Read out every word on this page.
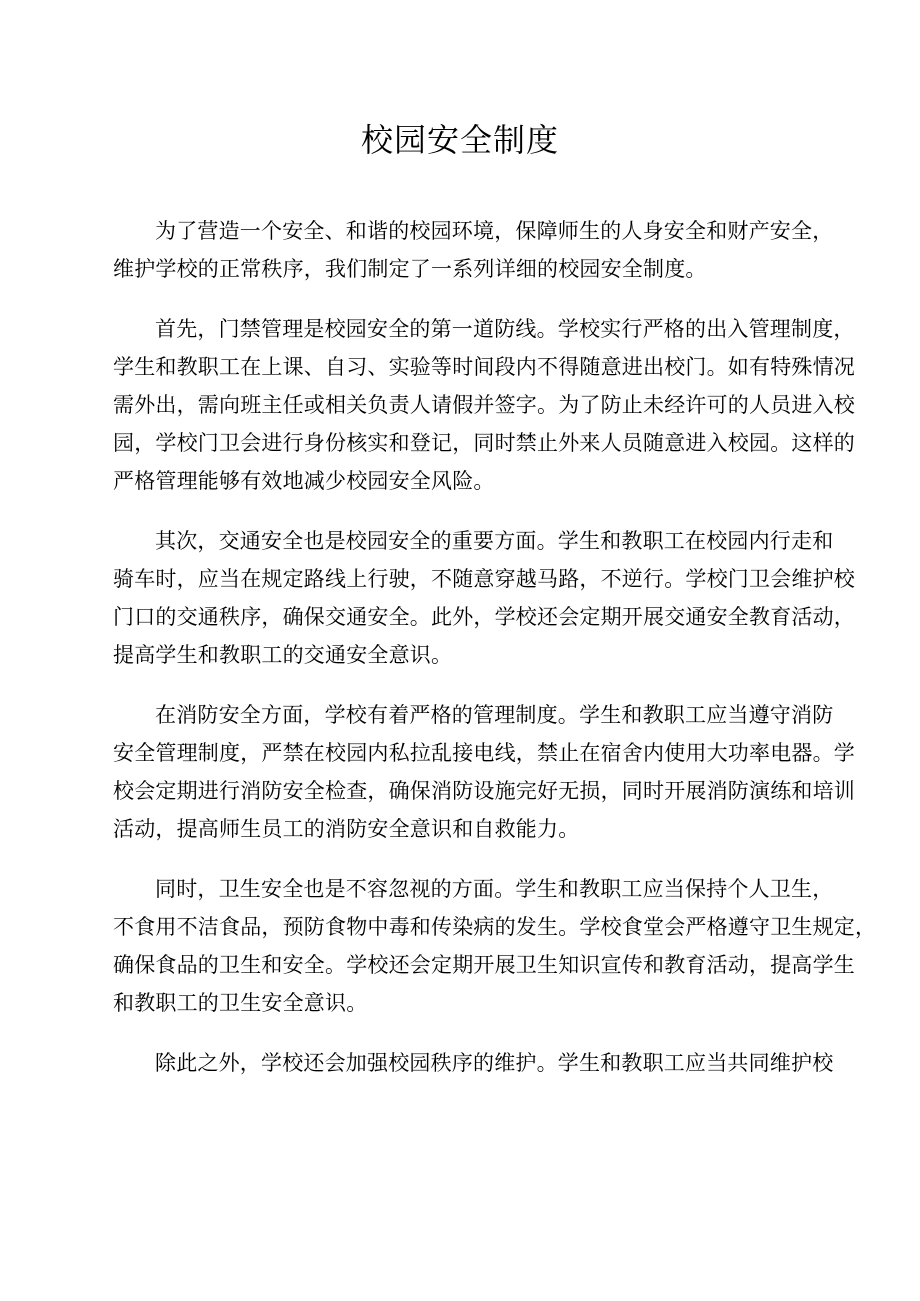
校园安全制度

为了营造一个安全、和谐的校园环境，保障师生的人身安全和财产安全，
维护学校的正常秩序，我们制定了一系列详细的校园安全制度。

首先，门禁管理是校园安全的第一道防线。学校实行严格的出入管理制度，
学生和教职工在上课、自习、实验等时间段内不得随意进出校门。如有特殊情况
需外出，需向班主任或相关负责人请假并签字。为了防止未经许可的人员进入校
园，学校门卫会进行身份核实和登记，同时禁止外来人员随意进入校园。这样的
严格管理能够有效地减少校园安全风险。

其次，交通安全也是校园安全的重要方面。学生和教职工在校园内行走和
骑车时，应当在规定路线上行驶，不随意穿越马路，不逆行。学校门卫会维护校
门口的交通秩序，确保交通安全。此外，学校还会定期开展交通安全教育活动，
提高学生和教职工的交通安全意识。

在消防安全方面，学校有着严格的管理制度。学生和教职工应当遵守消防
安全管理制度，严禁在校园内私拉乱接电线，禁止在宿舍内使用大功率电器。学
校会定期进行消防安全检查，确保消防设施完好无损，同时开展消防演练和培训
活动，提高师生员工的消防安全意识和自救能力。

同时，卫生安全也是不容忽视的方面。学生和教职工应当保持个人卫生，
不食用不洁食品，预防食物中毒和传染病的发生。学校食堂会严格遵守卫生规定，
确保食品的卫生和安全。学校还会定期开展卫生知识宣传和教育活动，提高学生
和教职工的卫生安全意识。

除此之外，学校还会加强校园秩序的维护。学生和教职工应当共同维护校
